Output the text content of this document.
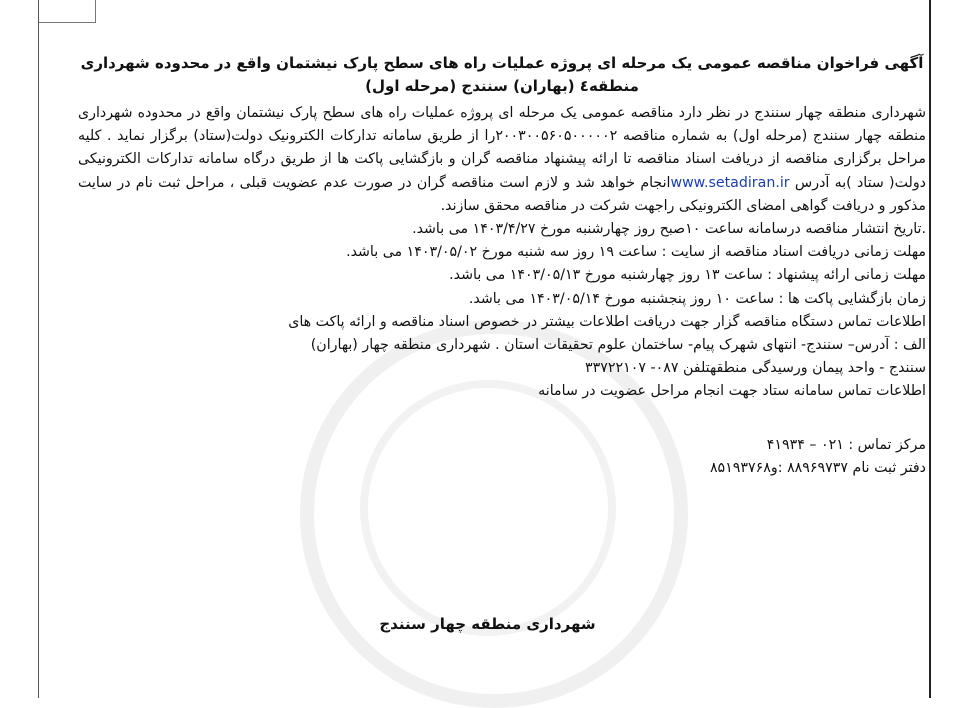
آگهی فراخوان مناقصه عمومی یک مرحله ای پروژه عملیات راه های سطح پارک نیشتمان واقع در محدوده شهرداری منطقه٤ (بهاران) سنندج (مرحله اول)

شهرداری منطقه چهار سنندج در نظر دارد مناقصه عمومی یک مرحله ای پروژه عملیات راه های سطح پارک نیشتمان واقع در محدوده شهرداری منطقه چهار سنندج (مرحله اول) به شماره مناقصه ۲۰۰۳۰۰۵۶۰۵۰۰۰۰۰۲را از طریق سامانه تدارکات الکترونیک دولت(ستاد) برگزار نماید . کلیه مراحل برگزاری مناقصه از دریافت اسناد مناقصه تا ارائه پیشنهاد مناقصه گران و بازگشایی پاکت ها از طریق درگاه سامانه تدارکات الکترونیکی دولت( ستاد )به آدرس www.setadiran.irانجام خواهد شد و لازم است مناقصه گران در صورت عدم عضویت قبلی ، مراحل ثبت نام در سایت مذکور و دریافت گواهی امضای الکترونیکی راجهت شرکت در مناقصه محقق سازند.

.تاریخ انتشار مناقصه درسامانه ساعت ۱۰صبح روز چهارشنبه مورخ ۱۴۰۳/۴/۲۷ می باشد.

مهلت زمانی دریافت اسناد مناقصه از سایت : ساعت ۱۹ روز سه شنبه مورخ ۱۴۰۳/۰۵/۰۲ می باشد.

مهلت زمانی ارائه پیشنهاد : ساعت ۱۳ روز چهارشنبه مورخ ۱۴۰۳/۰۵/۱۳ می باشد.

زمان بازگشایی پاکت ها : ساعت ۱۰ روز پنجشنبه مورخ ۱۴۰۳/۰۵/۱۴ می باشد.

اطلاعات تماس دستگاه مناقصه گزار جهت دریافت اطلاعات بیشتر در خصوص اسناد مناقصه و ارائه پاکت های

الف : آدرس– سنندج- انتهای شهرک پیام- ساختمان علوم تحقیقات استان . شهرداری منطقه چهار (بهاران)

سنندج - واحد پیمان ورسیدگی منطقهتلفن ۰۸۷- ۳۳۷۲۲۱۰۷

اطلاعات تماس سامانه ستاد جهت انجام مراحل عضویت در سامانه

مرکز تماس : ۰۲۱ – ۴۱۹۳۴

دفتر ثبت نام ۸۸۹۶۹۷۳۷ :و۸۵۱۹۳۷۶۸

شهرداری منطقه چهار سنندج
